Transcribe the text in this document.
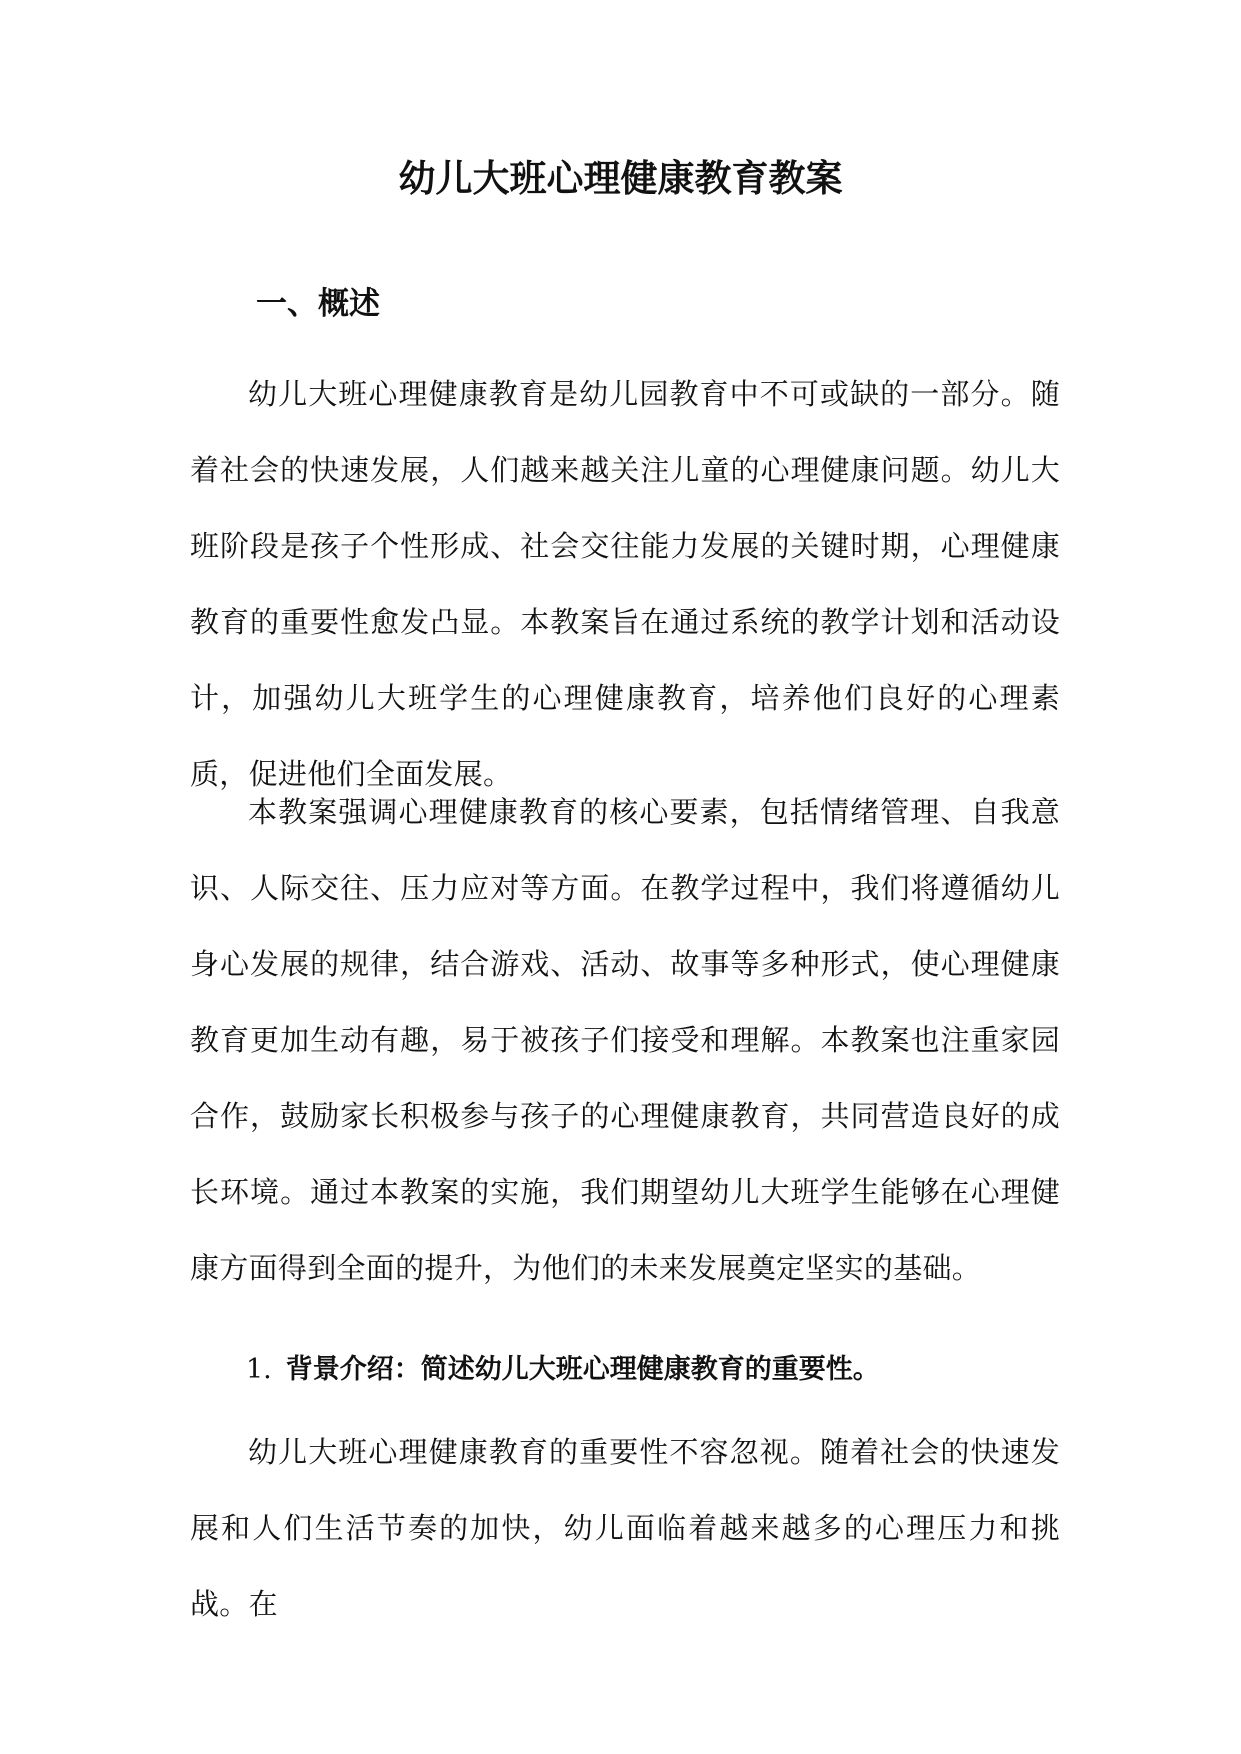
幼儿大班心理健康教育教案
一、概述

幼儿大班心理健康教育是幼儿园教育中不可或缺的一部分。随着社会的快速发展，人们越来越关注儿童的心理健康问题。幼儿大班阶段是孩子个性形成、社会交往能力发展的关键时期，心理健康教育的重要性愈发凸显。本教案旨在通过系统的教学计划和活动设计，加强幼儿大班学生的心理健康教育，培养他们良好的心理素质，促进他们全面发展。

本教案强调心理健康教育的核心要素，包括情绪管理、自我意识、人际交往、压力应对等方面。在教学过程中，我们将遵循幼儿身心发展的规律，结合游戏、活动、故事等多种形式，使心理健康教育更加生动有趣，易于被孩子们接受和理解。本教案也注重家园合作，鼓励家长积极参与孩子的心理健康教育，共同营造良好的成长环境。通过本教案的实施，我们期望幼儿大班学生能够在心理健康方面得到全面的提升，为他们的未来发展奠定坚实的基础。

1. 背景介绍：简述幼儿大班心理健康教育的重要性。

幼儿大班心理健康教育的重要性不容忽视。随着社会的快速发展和人们生活节奏的加快，幼儿面临着越来越多的心理压力和挑战。在
